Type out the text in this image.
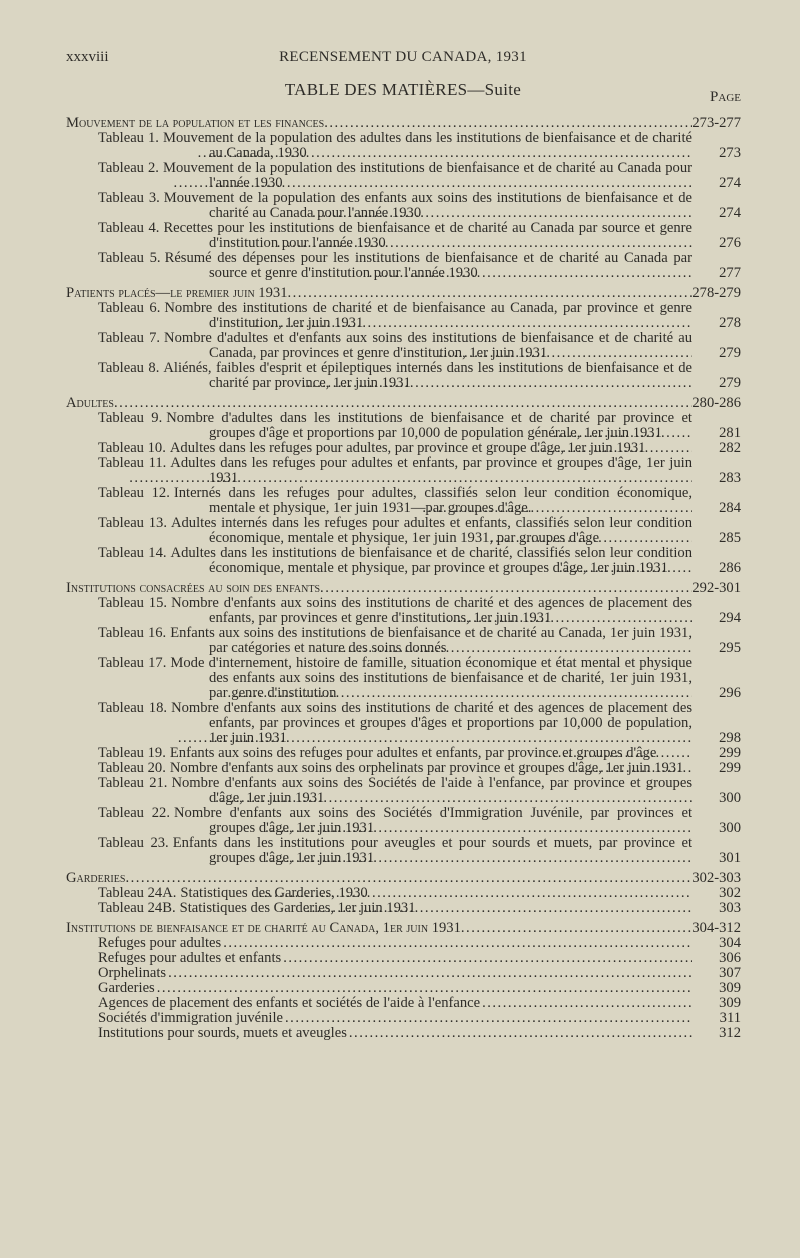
xxxviii	RECENSEMENT DU CANADA, 1931
TABLE DES MATIÈRES—Suite	Page
Mouvement de la population et les finances .....	273-277
Tableau 1. Mouvement de la population des adultes dans les institutions de bienfaisance et de charité au Canada, 1930 .....	273
Tableau 2. Mouvement de la population des institutions de bienfaisance et de charité au Canada pour l'année 1930 .....	274
Tableau 3. Mouvement de la population des enfants aux soins des institutions de bienfaisance et de charité au Canada pour l'année 1930 .....	274
Tableau 4. Recettes pour les institutions de bienfaisance et de charité au Canada par source et genre d'institution pour l'année 1930 .....	276
Tableau 5. Résumé des dépenses pour les institutions de bienfaisance et de charité au Canada par source et genre d'institution pour l'année 1930 .....	277
Patients placés—le premier juin 1931 .....	278-279
Tableau 6. Nombre des institutions de charité et de bienfaisance au Canada, par province et genre d'institution, 1er juin 1931 .....	278
Tableau 7. Nombre d'adultes et d'enfants aux soins des institutions de bienfaisance et de charité au Canada, par provinces et genre d'institution, 1er juin 1931 .....	279
Tableau 8. Aliénés, faibles d'esprit et épileptiques internés dans les institutions de bienfaisance et de charité par province, 1er juin 1931 .....	279
Adultes .....	280-286
Tableau 9. Nombre d'adultes dans les institutions de bienfaisance et de charité par province et groupes d'âge et proportions par 10,000 de population générale, 1er juin 1931 .....	281
Tableau 10. Adultes dans les refuges pour adultes, par province et groupe d'âge, 1er juin 1931 .....	282
Tableau 11. Adultes dans les refuges pour adultes et enfants, par province et groupes d'âge, 1er juin 1931 .....	283
Tableau 12. Internés dans les refuges pour adultes, classifiés selon leur condition économique, mentale et physique, 1er juin 1931—par groupes d'âge. .....	284
Tableau 13. Adultes internés dans les refuges pour adultes et enfants, classifiés selon leur condition économique, mentale et physique, 1er juin 1931, par groupes d'âge .....	285
Tableau 14. Adultes dans les institutions de bienfaisance et de charité, classifiés selon leur condition économique, mentale et physique, par province et groupes d'âge, 1er juin 1931 .....	286
Institutions consacrées au soin des enfants .....	292-301
Tableau 15. Nombre d'enfants aux soins des institutions de charité et des agences de placement des enfants, par provinces et genre d'institutions, 1er juin 1931 .....	294
Tableau 16. Enfants aux soins des institutions de bienfaisance et de charité au Canada, 1er juin 1931, par catégories et nature des soins donnés .....	295
Tableau 17. Mode d'internement, histoire de famille, situation économique et état mental et physique des enfants aux soins des institutions de bienfaisance et de charité, 1er juin 1931, par genre d'institution .....	296
Tableau 18. Nombre d'enfants aux soins des institutions de charité et des agences de placement des enfants, par provinces et groupes d'âges et proportions par 10,000 de population, 1er juin 1931 .....	298
Tableau 19. Enfants aux soins des refuges pour adultes et enfants, par province et groupes d'âge .....	299
Tableau 20. Nombre d'enfants aux soins des orphelinats par province et groupes d'âge, 1er juin 1931 .....	299
Tableau 21. Nombre d'enfants aux soins des Sociétés de l'aide à l'enfance, par province et groupes d'âge, 1er juin 1931 .....	300
Tableau 22. Nombre d'enfants aux soins des Sociétés d'Immigration Juvénile, par provinces et groupes d'âge, 1er juin 1931 .....	300
Tableau 23. Enfants dans les institutions pour aveugles et pour sourds et muets, par province et groupes d'âge, 1er juin 1931 .....	301
Garderies .....	302-303
Tableau 24A. Statistiques des Garderies, 1930 .....	302
Tableau 24B. Statistiques des Garderies, 1er juin 1931 .....	303
Institutions de bienfaisance et de charité au Canada, 1er juin 1931 .....	304-312
Refuges pour adultes .....	304
Refuges pour adultes et enfants .....	306
Orphelinats .....	307
Garderies .....	309
Agences de placement des enfants et sociétés de l'aide à l'enfance .....	309
Sociétés d'immigration juvénile .....	311
Institutions pour sourds, muets et aveugles .....	312
